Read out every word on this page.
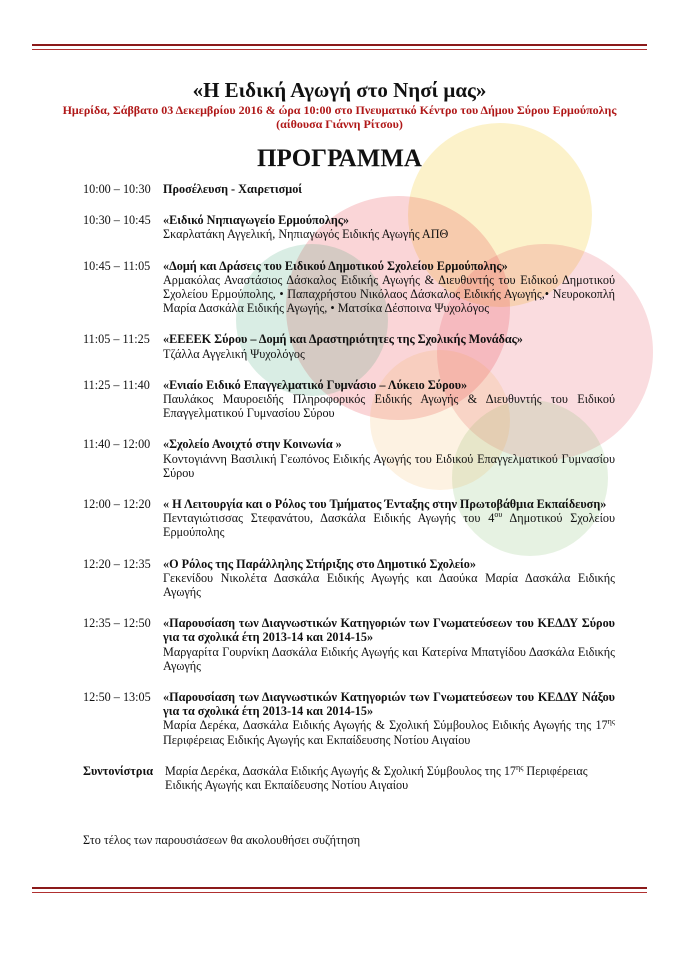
«Η Ειδική Αγωγή στο Νησί μας»
Ημερίδα, Σάββατο 03 Δεκεμβρίου 2016 & ώρα 10:00 στο Πνευματικό Κέντρο του Δήμου Σύρου Ερμούπολης
(αίθουσα Γιάννη Ρίτσου)
ΠΡΟΓΡΑΜΜΑ
10:00 – 10:30	Προσέλευση - Χαιρετισμοί
10:30 – 10:45	«Ειδικό Νηπιαγωγείο Ερμούπολης»
Σκαρλατάκη Αγγελική, Νηπιαγωγός Ειδικής Αγωγής ΑΠΘ
10:45 – 11:05	«Δομή και Δράσεις του Ειδικού Δημοτικού Σχολείου Ερμούπολης»
Αρμακόλας Αναστάσιος Δάσκαλος Ειδικής Αγωγής & Διευθυντής του Ειδικού Δημοτικού Σχολείου Ερμούπολης, • Παπαχρήστου Νικόλαος Δάσκαλος Ειδικής Αγωγής,• Νευροκοπλή Μαρία Δασκάλα Ειδικής Αγωγής, • Ματσίκα Δέσποινα Ψυχολόγος
11:05 – 11:25	«ΕΕΕΕΚ Σύρου – Δομή και Δραστηριότητες της Σχολικής Μονάδας»
Τζάλλα Αγγελική Ψυχολόγος
11:25 – 11:40	«Ενιαίο Ειδικό Επαγγελματικό Γυμνάσιο – Λύκειο Σύρου»
Παυλάκος Μαυροειδής Πληροφορικός Ειδικής Αγωγής & Διευθυντής του Ειδικού Επαγγελματικού Γυμνασίου Σύρου
11:40 – 12:00	«Σχολείο Ανοιχτό στην Κοινωνία »
Κοντογιάννη Βασιλική Γεωπόνος Ειδικής Αγωγής του Ειδικού Επαγγελματικού Γυμνασίου Σύρου
12:00 – 12:20	« Η Λειτουργία και ο Ρόλος του Τμήματος Ένταξης στην Πρωτοβάθμια Εκπαίδευση»
Πενταγιώτισσας Στεφανάτου, Δασκάλα Ειδικής Αγωγής του $4^{o\upsilon}$ Δημοτικού Σχολείου Ερμούπολης
12:20 – 12:35	«Ο Ρόλος της Παράλληλης Στήριξης στο Δημοτικό Σχολείο»
Γεκενίδου Νικολέτα Δασκάλα Ειδικής Αγωγής και Δαούκα Μαρία Δασκάλα Ειδικής Αγωγής
12:35 – 12:50	«Παρουσίαση των Διαγνωστικών Κατηγοριών των Γνωματεύσεων του ΚΕΔΔΥ Σύρου για τα σχολικά έτη 2013-14 και 2014-15»
Μαργαρίτα Γουρνίκη Δασκάλα Ειδικής Αγωγής και Κατερίνα Μπατγίδου Δασκάλα Ειδικής Αγωγής
12:50 – 13:05	«Παρουσίαση των Διαγνωστικών Κατηγοριών των Γνωματεύσεων του ΚΕΔΔΥ Νάξου για τα σχολικά έτη 2013-14 και 2014-15»
Μαρία Δερέκα, Δασκάλα Ειδικής Αγωγής & Σχολική Σύμβουλος Ειδικής Αγωγής της $17^{\eta\varsigma}$ Περιφέρειας Ειδικής Αγωγής και Εκπαίδευσης Νοτίου Αιγαίου
Συντονίστρια Μαρία Δερέκα, Δασκάλα Ειδικής Αγωγής & Σχολική Σύμβουλος της $17^{\eta\varsigma}$ Περιφέρειας Ειδικής Αγωγής και Εκπαίδευσης Νοτίου Αιγαίου
Στο τέλος των παρουσιάσεων θα ακολουθήσει συζήτηση
